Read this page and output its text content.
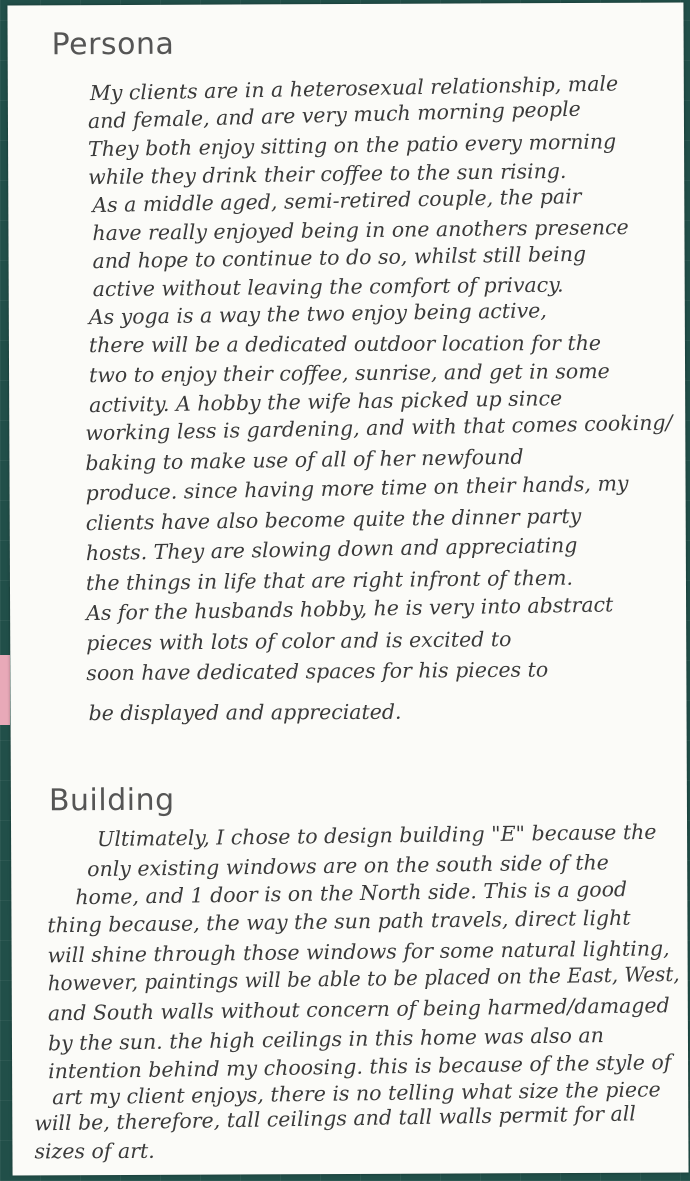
Persona
My clients are in a heterosexual relationship, male
and female, and are very much morning people
They both enjoy sitting on the patio every morning
while they drink their coffee to the sun rising.
As a middle aged, semi-retired couple, the pair
have really enjoyed being in one anothers presence
and hope to continue to do so, whilst still being
active without leaving the comfort of privacy.
As yoga is a way the two enjoy being active,
there will be a dedicated outdoor location for the
two to enjoy their coffee, sunrise, and get in some
activity. A hobby the wife has picked up since
working less is gardening, and with that comes cooking/
baking to make use of all of her newfound
produce. since having more time on their hands, my
clients have also become quite the dinner party
hosts. They are slowing down and appreciating
the things in life that are right infront of them.
As for the husbands hobby, he is very into abstract
pieces with lots of color and is excited to
soon have dedicated spaces for his pieces to
be displayed and appreciated.
Building
Ultimately, I chose to design building "E" because the
only existing windows are on the south side of the
home, and 1 door is on the North side. This is a good
thing because, the way the sun path travels, direct light
will shine through those windows for some natural lighting,
however, paintings will be able to be placed on the East, West,
and South walls without concern of being harmed/damaged
by the sun. the high ceilings in this home was also an
intention behind my choosing. this is because of the style of
art my client enjoys, there is no telling what size the piece
will be, therefore, tall ceilings and tall walls permit for all
sizes of art.
